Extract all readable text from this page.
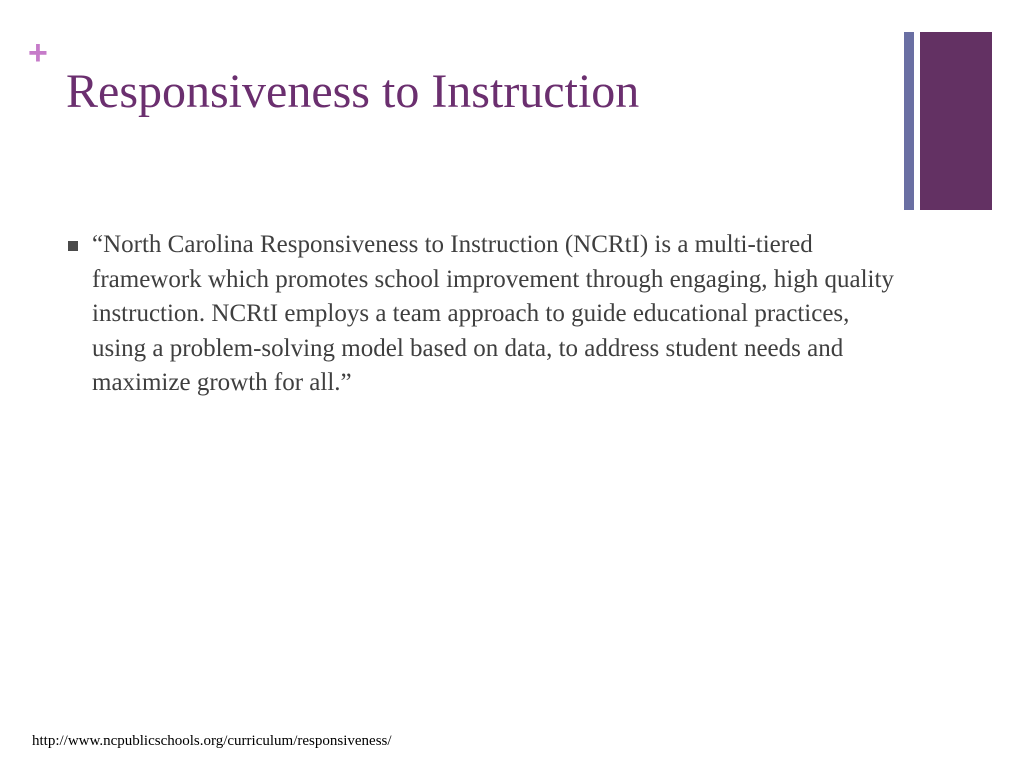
+
Responsiveness to Instruction
“North Carolina Responsiveness to Instruction (NCRtI) is a multi-tiered framework which promotes school improvement through engaging, high quality instruction. NCRtI employs a team approach to guide educational practices, using a problem-solving model based on data, to address student needs and maximize growth for all.”
http://www.ncpublicschools.org/curriculum/responsiveness/
